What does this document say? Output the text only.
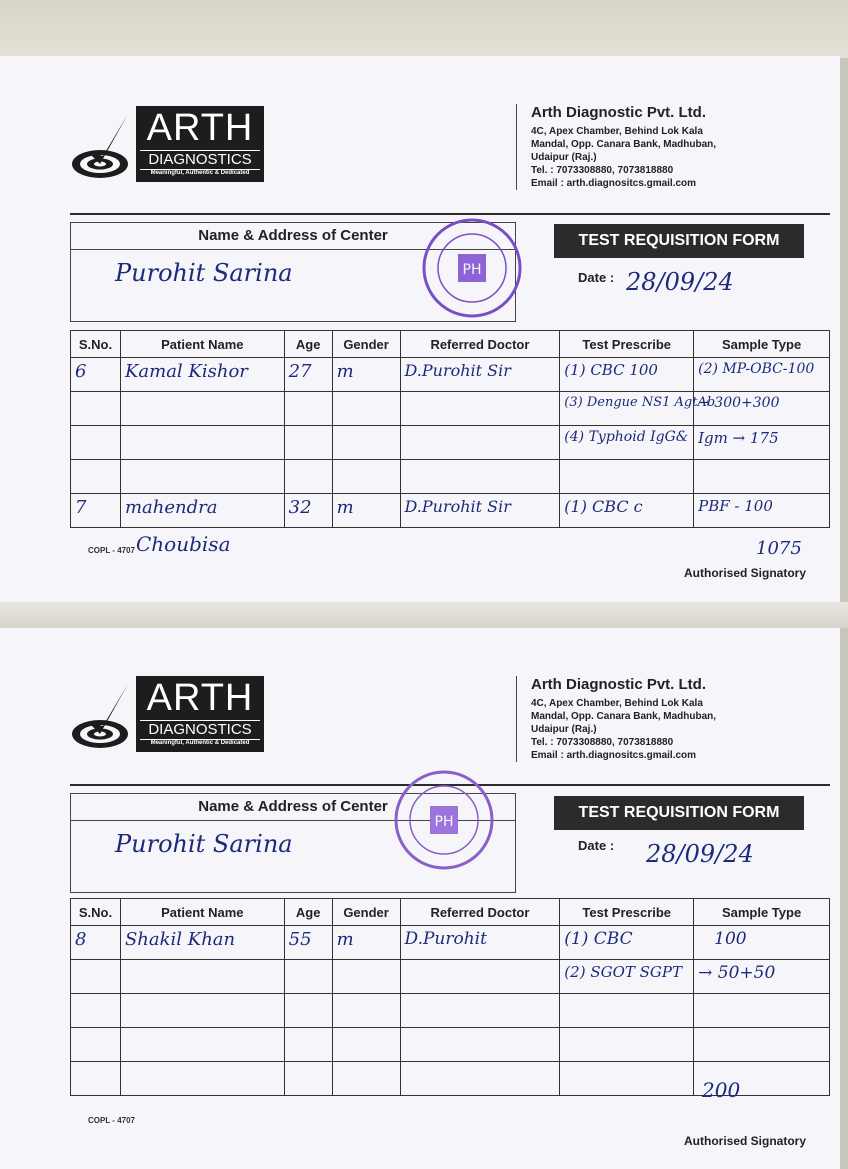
ARTH
DIAGNOSTICS
Meaningful, Authentic & Dedicated
Arth Diagnostic Pvt. Ltd.
4C, Apex Chamber, Behind Lok Kala
Mandal, Opp. Canara Bank, Madhuban,
Udaipur (Raj.)
Tel. : 7073308880, 7073818880
Email : arth.diagnositcs.gmail.com
Name & Address of Center
Purohit Sarina	PH
TEST REQUISITION FORM
Date : 28/09/24
S.No.	Patient Name	Age	Gender	Referred Doctor	Test Prescribe	Sample Type

6	Kamal Kishor	27	m	D.Purohit Sir	(1) CBC 100	(2) MP-OBC-100

					(3) Dengue NS1 AgtAb	→ 300+300

					(4) Typhoid IgG&	Igm → 175

7	mahendra	32	m	D.Purohit Sir	(1) CBC c	PBF - 100
COPL - 4707 Choubisa	1075
Authorised Signatory
ARTH
DIAGNOSTICS
Meaningful, Authentic & Dedicated
Arth Diagnostic Pvt. Ltd.
4C, Apex Chamber, Behind Lok Kala
Mandal, Opp. Canara Bank, Madhuban,
Udaipur (Raj.)
Tel. : 7073308880, 7073818880
Email : arth.diagnositcs.gmail.com
Name & Address of Center
Purohit Sarina
PH
TEST REQUISITION FORM
Date : 28/09/24
S.No.	Patient Name	Age	Gender	Referred Doctor	Test Prescribe	Sample Type

8	Shakil Khan	55	m	D.Purohit	(1) CBC	100

					(2) SGOT SGPT	→ 50+50

COPL - 4707
200
Authorised Signatory
